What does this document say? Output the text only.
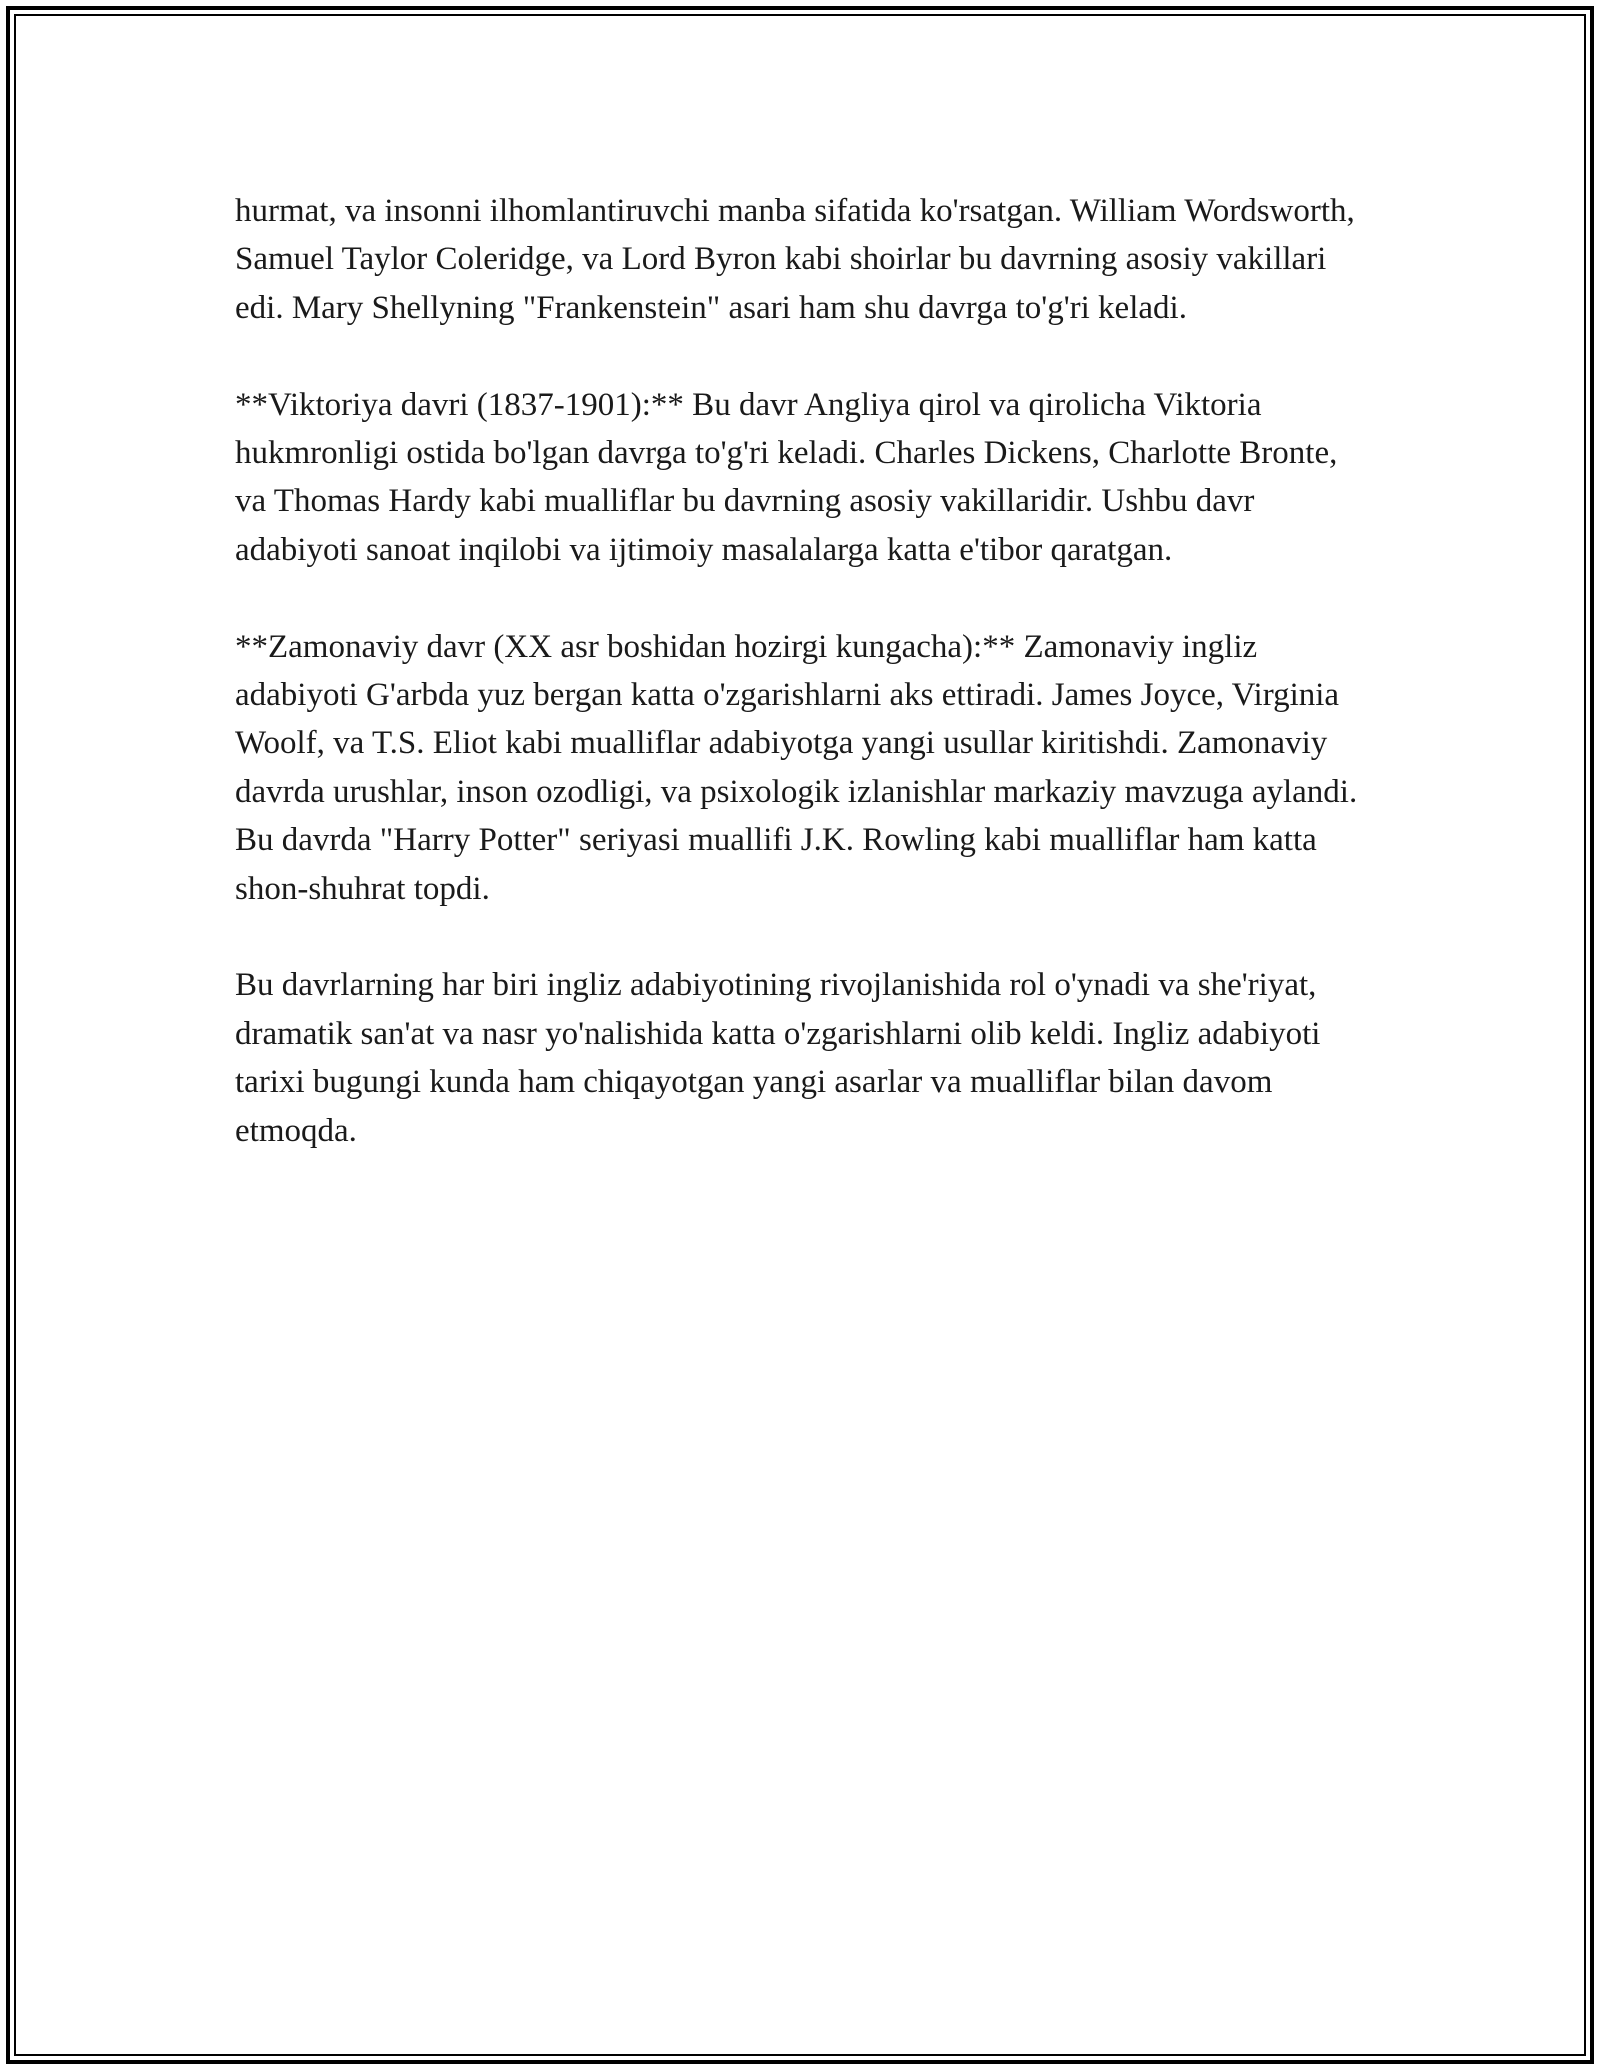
hurmat, va insonni ilhomlantiruvchi manba sifatida ko'rsatgan. William Wordsworth, Samuel Taylor Coleridge, va Lord Byron kabi shoirlar bu davrning asosiy vakillari edi. Mary Shellyning "Frankenstein" asari ham shu davrga to'g'ri keladi.

**Viktoriya davri (1837-1901):** Bu davr Angliya qirol va qirolicha Viktoria hukmronligi ostida bo'lgan davrga to'g'ri keladi. Charles Dickens, Charlotte Bronte, va Thomas Hardy kabi mualliflar bu davrning asosiy vakillaridir. Ushbu davr adabiyoti sanoat inqilobi va ijtimoiy masalalarga katta e'tibor qaratgan.

**Zamonaviy davr (XX asr boshidan hozirgi kungacha):** Zamonaviy ingliz adabiyoti G'arbda yuz bergan katta o'zgarishlarni aks ettiradi. James Joyce, Virginia Woolf, va T.S. Eliot kabi mualliflar adabiyotga yangi usullar kiritishdi. Zamonaviy davrda urushlar, inson ozodligi, va psixologik izlanishlar markaziy mavzuga aylandi. Bu davrda "Harry Potter" seriyasi muallifi J.K. Rowling kabi mualliflar ham katta shon-shuhrat topdi.

Bu davrlarning har biri ingliz adabiyotining rivojlanishida rol o'ynadi va she'riyat, dramatik san'at va nasr yo'nalishida katta o'zgarishlarni olib keldi. Ingliz adabiyoti tarixi bugungi kunda ham chiqayotgan yangi asarlar va mualliflar bilan davom etmoqda.
